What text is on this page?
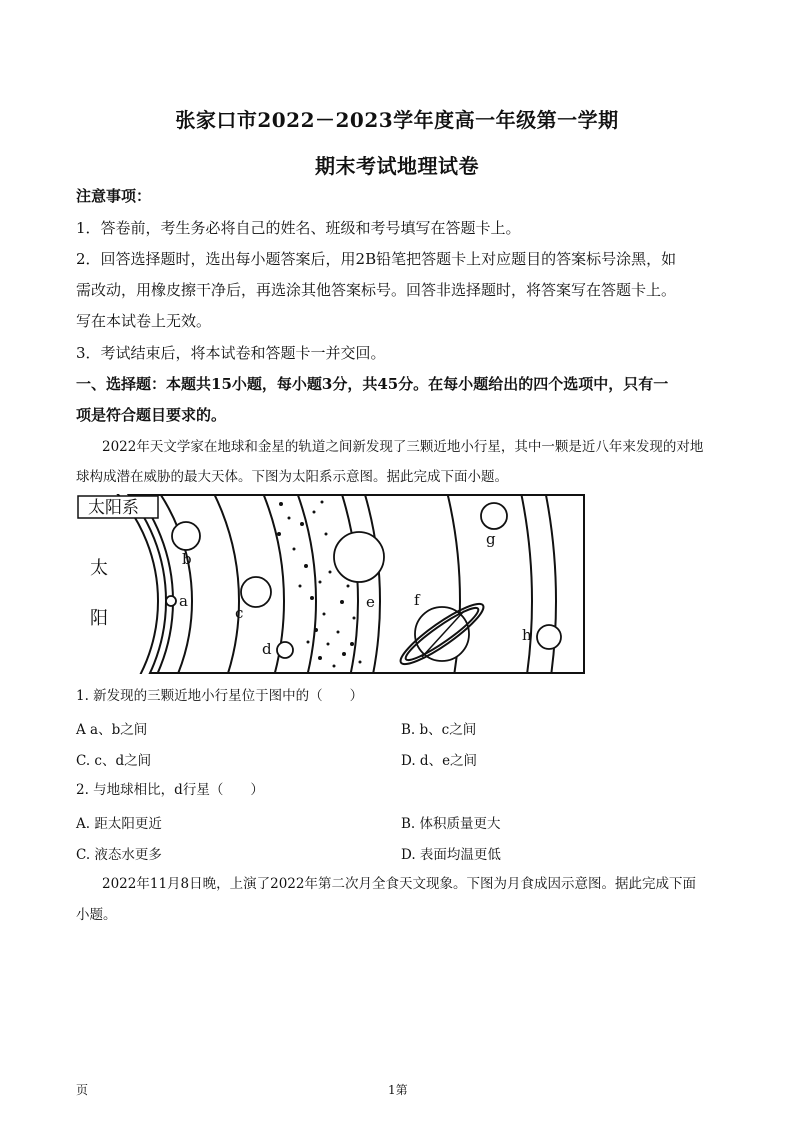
张家口市2022－2023学年度高一年级第一学期
期末考试地理试卷
注意事项：
1．答卷前，考生务必将自己的姓名、班级和考号填写在答题卡上。
2．回答选择题时，选出每小题答案后，用2B铅笔把答题卡上对应题目的答案标号涂黑，如
需改动，用橡皮擦干净后，再选涂其他答案标号。回答非选择题时，将答案写在答题卡上。
写在本试卷上无效。
3．考试结束后，将本试卷和答题卡一并交回。
一、选择题：本题共15小题，每小题3分，共45分。在每小题给出的四个选项中，只有一
项是符合题目要求的。
2022年天文学家在地球和金星的轨道之间新发现了三颗近地小行星，其中一颗是近八年来发现的对地
球构成潜在威胁的最大天体。下图为太阳系示意图。据此完成下面小题。
太阳系
太
阳
a
b
c
d
e	f
g
h
1. 新发现的三颗近地小行星位于图中的（　　）
A a、b之间	B. b、c之间
C. c、d之间	D. d、e之间
2. 与地球相比，d行星（　　）
A. 距太阳更近	B. 体积质量更大
C. 液态水更多	D. 表面均温更低
2022年11月8日晚，上演了2022年第二次月全食天文现象。下图为月食成因示意图。据此完成下面
小题。
页	1第
